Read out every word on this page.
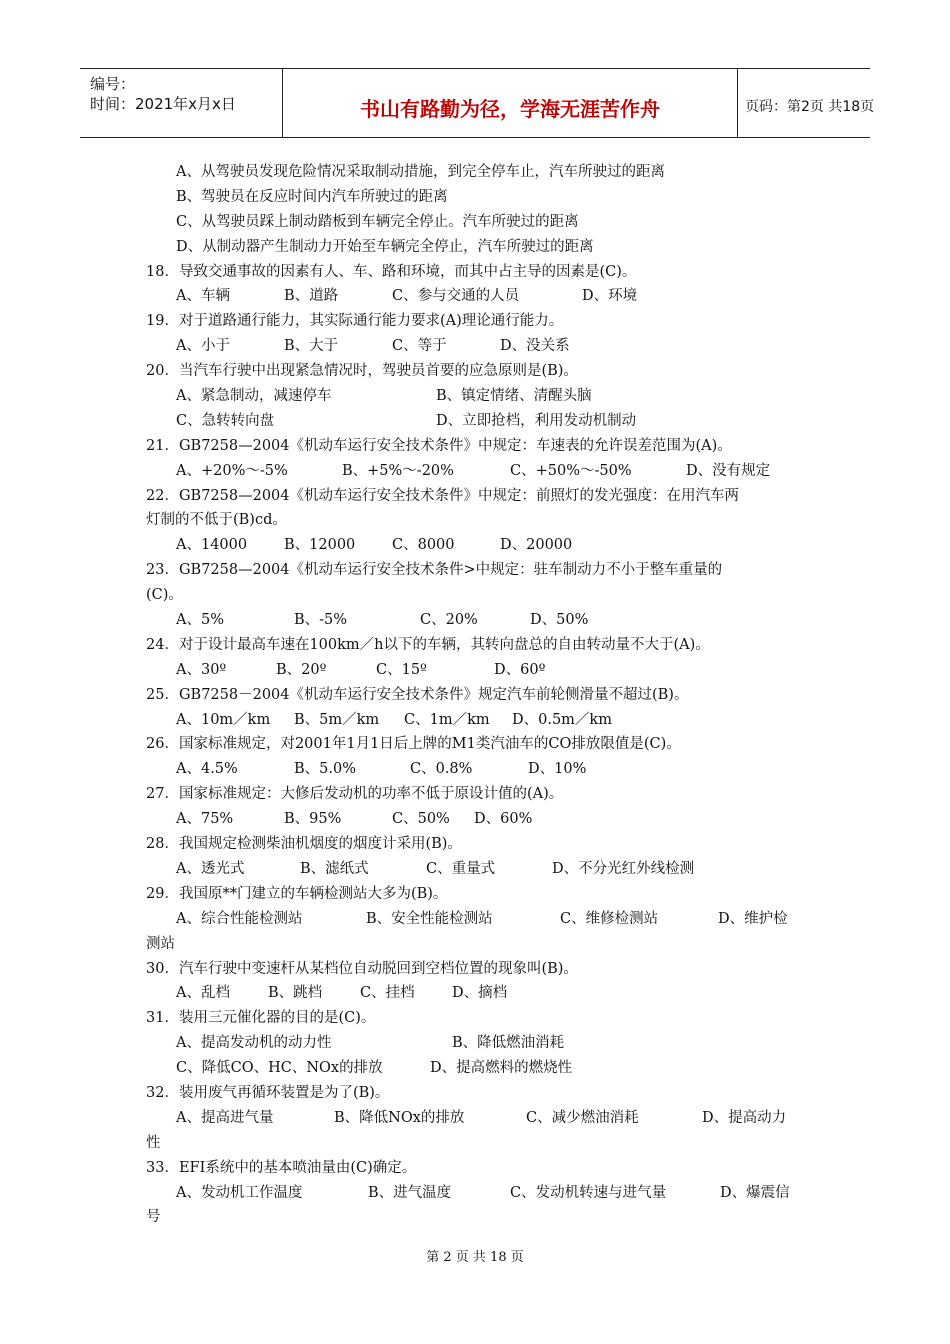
编号：
时间：2021年x月x日	书山有路勤为径，学海无涯苦作舟	页码：第2页 共18页
A、从驾驶员发现危险情况采取制动措施，到完全停车止，汽车所驶过的距离
B、驾驶员在反应时间内汽车所驶过的距离
C、从驾驶员踩上制动踏板到车辆完全停止。汽车所驶过的距离
D、从制动器产生制动力开始至车辆完全停止，汽车所驶过的距离
18．导致交通事故的因素有人、车、路和环境，而其中占主导的因素是(C)。
A、车辆	B、道路	C、参与交通的人员	D、环境
19．对于道路通行能力，其实际通行能力要求(A)理论通行能力。
A、小于	B、大于	C、等于	D、没关系
20．当汽车行驶中出现紧急情况时，驾驶员首要的应急原则是(B)。
A、紧急制动，减速停车	B、镇定情绪、清醒头脑
C、急转转向盘	D、立即抢档，利用发动机制动
21．GB7258—2004《机动车运行安全技术条件》中规定：车速表的允许误差范围为(A)。
A、+20%～-5%	B、+5%～-20%	C、+50%～-50%	D、没有规定
22．GB7258—2004《机动车运行安全技术条件》中规定：前照灯的发光强度：在用汽车两
灯制的不低于(B)cd。
A、14000	B、12000	C、8000	D、20000
23．GB7258—2004《机动车运行安全技术条件>中规定：驻车制动力不小于整车重量的
(C)。
A、5%	B、-5%	C、20%	D、50%
24．对于设计最高车速在100km／h以下的车辆，其转向盘总的自由转动量不大于(A)。
A、30º	B、20º	C、15º	D、60º
25．GB7258－2004《机动车运行安全技术条件》规定汽车前轮侧滑量不超过(B)。
A、10m／km B、5m／km C、1m／km D、0.5m／km
26．国家标准规定，对2001年1月1日后上牌的M1类汽油车的CO排放限值是(C)。
A、4.5%	B、5.0%	C、0.8%	D、10%
27．国家标准规定：大修后发动机的功率不低于原设计值的(A)。
A、75%	B、95%	C、50% D、60%
28．我国规定检测柴油机烟度的烟度计采用(B)。
A、透光式	B、滤纸式	C、重量式	D、不分光红外线检测
29．我国原**门建立的车辆检测站大多为(B)。
A、综合性能检测站	B、安全性能检测站	C、维修检测站	D、维护检
测站
30．汽车行驶中变速杆从某档位自动脱回到空档位置的现象叫(B)。
A、乱档	B、跳档	C、挂档	D、摘档
31．装用三元催化器的目的是(C)。
A、提高发动机的动力性	B、降低燃油消耗
C、降低CO、HC、NOx的排放	D、提高燃料的燃烧性
32．装用废气再循环装置是为了(B)。
A、提高进气量	B、降低NOx的排放	C、减少燃油消耗	D、提高动力
性
33．EFI系统中的基本喷油量由(C)确定。
A、发动机工作温度	B、进气温度	C、发动机转速与进气量	D、爆震信
号
第 2 页 共 18 页
